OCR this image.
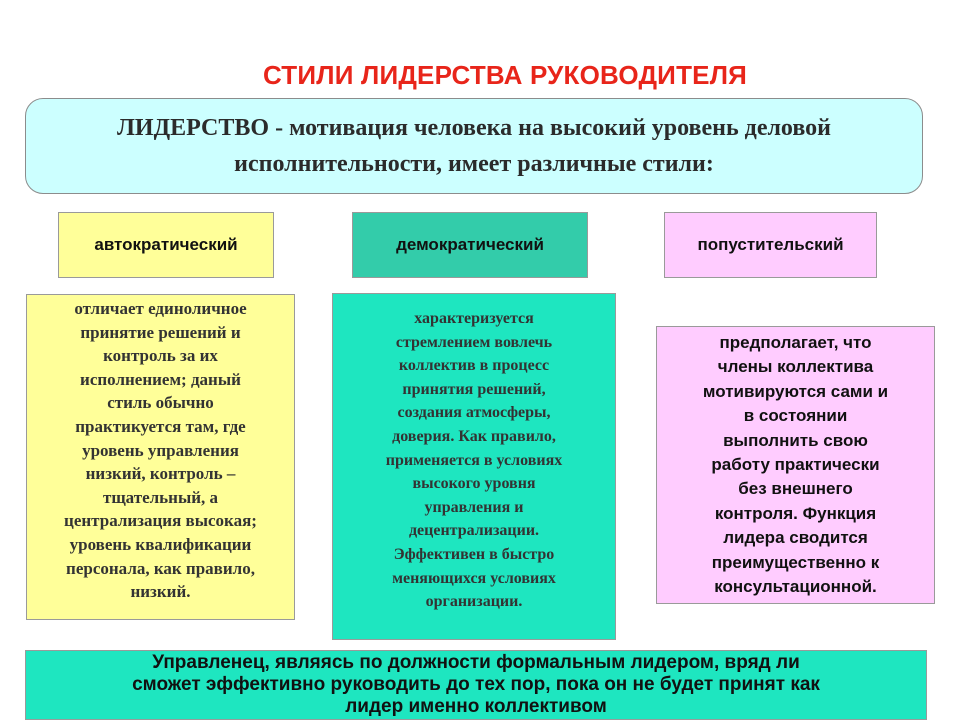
СТИЛИ ЛИДЕРСТВА РУКОВОДИТЕЛЯ
ЛИДЕРСТВО - мотивация человека на высокий уровень деловой исполнительности, имеет различные стили:
автократический	демократический	попустительский
отличает единоличное
принятие решений и
контроль за их
исполнением; даный
стиль обычно
практикуется там, где
уровень управления
низкий, контроль –
тщательный, а
централизация высокая;
уровень квалификации
персонала, как правило,
низкий.
характеризуется
стремлением вовлечь
коллектив в процесс
принятия решений,
создания атмосферы,
доверия. Как правило,
применяется в условиях
высокого уровня
управления и
децентрализации.
Эффективен в быстро
меняющихся условиях
организации.
предполагает, что
члены коллектива
мотивируются сами и
в состоянии
выполнить свою
работу практически
без внешнего
контроля. Функция
лидера сводится
преимущественно к
консультационной.
Управленец, являясь по должности формальным лидером, вряд ли
сможет эффективно руководить до тех пор, пока он не будет принят как
лидер именно коллективом
